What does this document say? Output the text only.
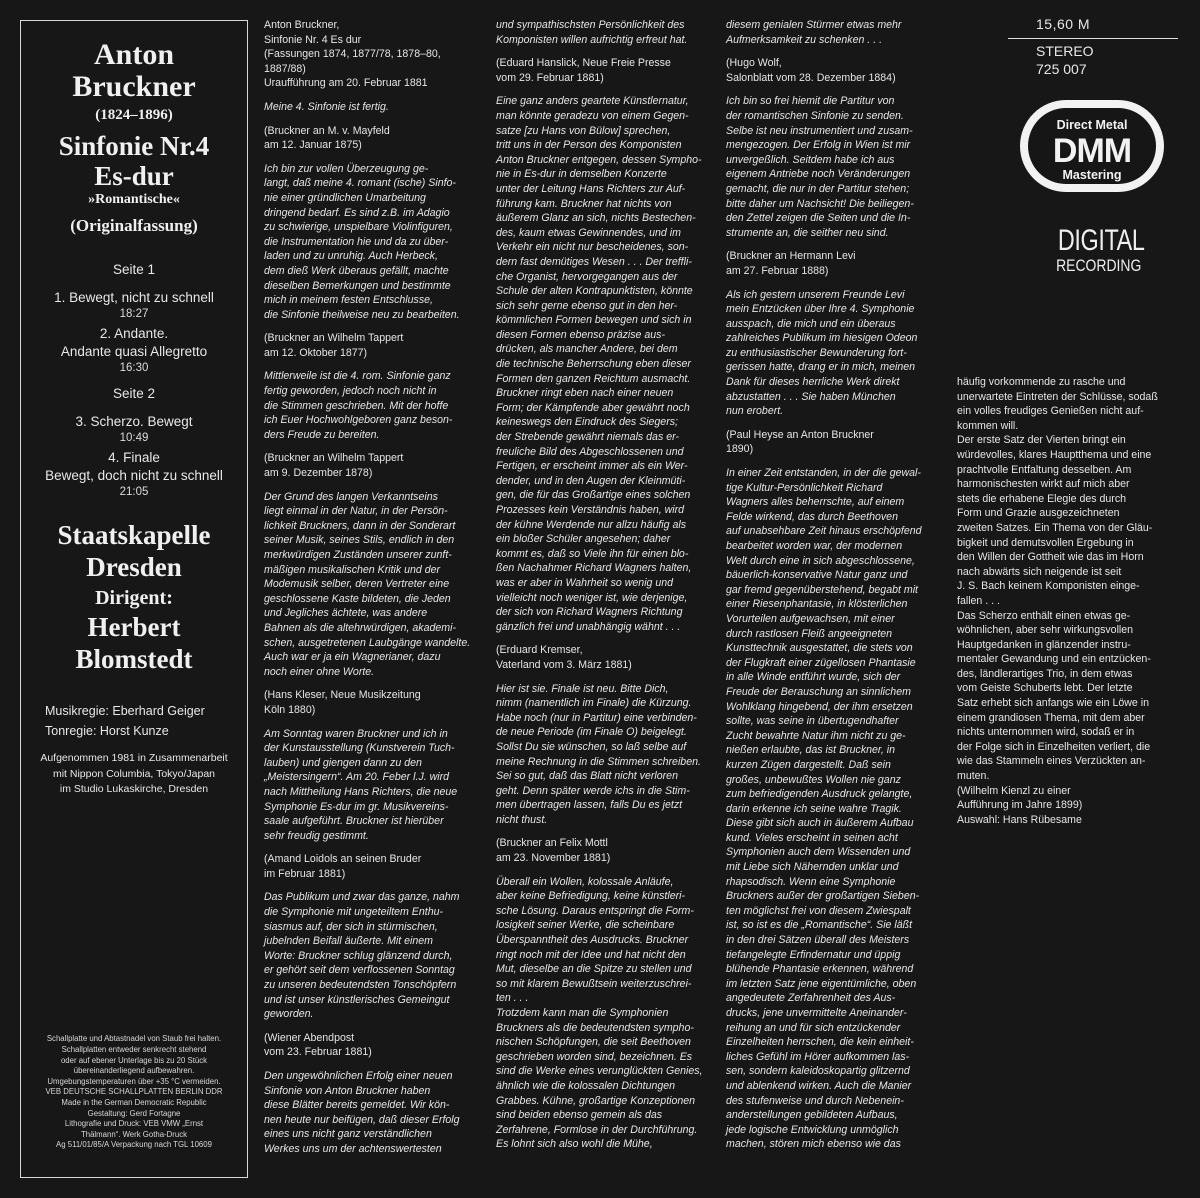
Anton
Bruckner
(1824–1896)
Sinfonie Nr.4
Es-dur
»Romantische«
(Originalfassung)
Seite 1
1. Bewegt, nicht zu schnell
18:27
2. Andante.
Andante quasi Allegretto
16:30
Seite 2
3. Scherzo. Bewegt
10:49
4. Finale
Bewegt, doch nicht zu schnell
21:05
Staatskapelle
Dresden
Dirigent:
Herbert
Blomstedt
Musikregie: Eberhard Geiger
Tonregie: Horst Kunze
Aufgenommen 1981 in Zusammenarbeit
mit Nippon Columbia, Tokyo/Japan
im Studio Lukaskirche, Dresden
Schallplatte und Abtastnadel von Staub frei halten.
Schallplatten entweder senkrecht stehend
oder auf ebener Unterlage bis zu 20 Stück
übereinanderliegend aufbewahren.
Umgebungstemperaturen über +35 °C vermeiden.
VEB DEUTSCHE SCHALLPLATTEN BERLIN DDR
Made in the German Democratic Republic
Gestaltung: Gerd Fortagne
Lithografie und Druck: VEB VMW „Ernst
Thälmann“. Werk Gotha-Druck
Ag 511/01/85/A Verpackung nach TGL 10609

Anton Bruckner,
Sinfonie Nr. 4 Es dur
(Fassungen 1874, 1877/78, 1878–80,
1887/88)
Uraufführung am 20. Februar 1881

Meine 4. Sinfonie ist fertig.

(Bruckner an M. v. Mayfeld
am 12. Januar 1875)

Ich bin zur vollen Überzeugung ge-
langt, daß meine 4. romant (ische) Sinfo-
nie einer gründlichen Umarbeitung
dringend bedarf. Es sind z.B. im Adagio
zu schwierige, unspielbare Violinfiguren,
die Instrumentation hie und da zu über-
laden und zu unruhig. Auch Herbeck,
dem dieß Werk überaus gefällt, machte
dieselben Bemerkungen und bestimmte
mich in meinem festen Entschlusse,
die Sinfonie theilweise neu zu bearbeiten.

(Bruckner an Wilhelm Tappert
am 12. Oktober 1877)

Mittlerweile ist die 4. rom. Sinfonie ganz
fertig geworden, jedoch noch nicht in
die Stimmen geschrieben. Mit der hoffe
ich Euer Hochwohlgeboren ganz beson-
ders Freude zu bereiten.

(Bruckner an Wilhelm Tappert
am 9. Dezember 1878)

Der Grund des langen Verkanntseins
liegt einmal in der Natur, in der Persön-
lichkeit Bruckners, dann in der Sonderart
seiner Musik, seines Stils, endlich in den
merkwürdigen Zuständen unserer zunft-
mäßigen musikalischen Kritik und der
Modemusik selber, deren Vertreter eine
geschlossene Kaste bildeten, die Jeden
und Jegliches ächtete, was andere
Bahnen als die altehrwürdigen, akademi-
schen, ausgetretenen Laubgänge wandelte.
Auch war er ja ein Wagnerianer, dazu
noch einer ohne Worte.

(Hans Kleser, Neue Musikzeitung
Köln 1880)

Am Sonntag waren Bruckner und ich in
der Kunstausstellung (Kunstverein Tuch-
lauben) und giengen dann zu den
„Meistersingern“. Am 20. Feber l.J. wird
nach Mittheilung Hans Richters, die neue
Symphonie Es-dur im gr. Musikvereins-
saale aufgeführt. Bruckner ist hierüber
sehr freudig gestimmt.

(Amand Loidols an seinen Bruder
im Februar 1881)

Das Publikum und zwar das ganze, nahm
die Symphonie mit ungeteiltem Enthu-
siasmus auf, der sich in stürmischen,
jubelnden Beifall äußerte. Mit einem
Worte: Bruckner schlug glänzend durch,
er gehört seit dem verflossenen Sonntag
zu unseren bedeutendsten Tonschöpfern
und ist unser künstlerisches Gemeingut
geworden.

(Wiener Abendpost
vom 23. Februar 1881)

Den ungewöhnlichen Erfolg einer neuen
Sinfonie von Anton Bruckner haben
diese Blätter bereits gemeldet. Wir kön-
nen heute nur beifügen, daß dieser Erfolg
eines uns nicht ganz verständlichen
Werkes uns um der achtenswertesten

und sympathischsten Persönlichkeit des
Komponisten willen aufrichtig erfreut hat.

(Eduard Hanslick, Neue Freie Presse
vom 29. Februar 1881)

Eine ganz anders geartete Künstlernatur,
man könnte geradezu von einem Gegen-
satze [zu Hans von Bülow] sprechen,
tritt uns in der Person des Komponisten
Anton Bruckner entgegen, dessen Sympho-
nie in Es-dur in demselben Konzerte
unter der Leitung Hans Richters zur Auf-
führung kam. Bruckner hat nichts von
äußerem Glanz an sich, nichts Bestechen-
des, kaum etwas Gewinnendes, und im
Verkehr ein nicht nur bescheidenes, son-
dern fast demütiges Wesen . . . Der treffli-
che Organist, hervorgegangen aus der
Schule der alten Kontrapunktisten, könnte
sich sehr gerne ebenso gut in den her-
kömmlichen Formen bewegen und sich in
diesen Formen ebenso präzise aus-
drücken, als mancher Andere, bei dem
die technische Beherrschung eben dieser
Formen den ganzen Reichtum ausmacht.
Bruckner ringt eben nach einer neuen
Form; der Kämpfende aber gewährt noch
keineswegs den Eindruck des Siegers;
der Strebende gewährt niemals das er-
freuliche Bild des Abgeschlossenen und
Fertigen, er erscheint immer als ein Wer-
dender, und in den Augen der Kleinmüti-
gen, die für das Großartige eines solchen
Prozesses kein Verständnis haben, wird
der kühne Werdende nur allzu häufig als
ein bloßer Schüler angesehen; daher
kommt es, daß so Viele ihn für einen blo-
ßen Nachahmer Richard Wagners halten,
was er aber in Wahrheit so wenig und
vielleicht noch weniger ist, wie derjenige,
der sich von Richard Wagners Richtung
gänzlich frei und unabhängig wähnt . . .

(Erduard Kremser,
Vaterland vom 3. März 1881)

Hier ist sie. Finale ist neu. Bitte Dich,
nimm (namentlich im Finale) die Kürzung.
Habe noch (nur in Partitur) eine verbinden-
de neue Periode (im Finale O) beigelegt.
Sollst Du sie wünschen, so laß selbe auf
meine Rechnung in die Stimmen schreiben.
Sei so gut, daß das Blatt nicht verloren
geht. Denn später werde ichs in die Stim-
men übertragen lassen, falls Du es jetzt
nicht thust.

(Bruckner an Felix Mottl
am 23. November 1881)

Überall ein Wollen, kolossale Anläufe,
aber keine Befriedigung, keine künstleri-
sche Lösung. Daraus entspringt die Form-
losigkeit seiner Werke, die scheinbare
Überspanntheit des Ausdrucks. Bruckner
ringt noch mit der Idee und hat nicht den
Mut, dieselbe an die Spitze zu stellen und
so mit klarem Bewußtsein weiterzuschrei-
ten . . .
Trotzdem kann man die Symphonien
Bruckners als die bedeutendsten sympho-
nischen Schöpfungen, die seit Beethoven
geschrieben worden sind, bezeichnen. Es
sind die Werke eines verunglückten Genies,
ähnlich wie die kolossalen Dichtungen
Grabbes. Kühne, großartige Konzeptionen
sind beiden ebenso gemein als das
Zerfahrene, Formlose in der Durchführung.
Es lohnt sich also wohl die Mühe,

diesem genialen Stürmer etwas mehr
Aufmerksamkeit zu schenken . . .

(Hugo Wolf,
Salonblatt vom 28. Dezember 1884)

Ich bin so frei hiemit die Partitur von
der romantischen Sinfonie zu senden.
Selbe ist neu instrumentiert und zusam-
mengezogen. Der Erfolg in Wien ist mir
unvergeßlich. Seitdem habe ich aus
eigenem Antriebe noch Veränderungen
gemacht, die nur in der Partitur stehen;
bitte daher um Nachsicht! Die beiliegen-
den Zettel zeigen die Seiten und die In-
strumente an, die seither neu sind.

(Bruckner an Hermann Levi
am 27. Februar 1888)

Als ich gestern unserem Freunde Levi
mein Entzücken über Ihre 4. Symphonie
ausspach, die mich und ein überaus
zahlreiches Publikum im hiesigen Odeon
zu enthusiastischer Bewunderung fort-
gerissen hatte, drang er in mich, meinen
Dank für dieses herrliche Werk direkt
abzustatten . . . Sie haben München
nun erobert.

(Paul Heyse an Anton Bruckner
1890)

In einer Zeit entstanden, in der die gewal-
tige Kultur-Persönlichkeit Richard
Wagners alles beherrschte, auf einem
Felde wirkend, das durch Beethoven
auf unabsehbare Zeit hinaus erschöpfend
bearbeitet worden war, der modernen
Welt durch eine in sich abgeschlossene,
bäuerlich-konservative Natur ganz und
gar fremd gegenüberstehend, begabt mit
einer Riesenphantasie, in klösterlichen
Vorurteilen aufgewachsen, mit einer
durch rastlosen Fleiß angeeigneten
Kunsttechnik ausgestattet, die stets von
der Flugkraft einer zügellosen Phantasie
in alle Winde entführt wurde, sich der
Freude der Berauschung an sinnlichem
Wohlklang hingebend, der ihm ersetzen
sollte, was seine in übertugendhafter
Zucht bewahrte Natur ihm nicht zu ge-
nießen erlaubte, das ist Bruckner, in
kurzen Zügen dargestellt. Daß sein
großes, unbewußtes Wollen nie ganz
zum befriedigenden Ausdruck gelangte,
darin erkenne ich seine wahre Tragik.
Diese gibt sich auch in äußerem Aufbau
kund. Vieles erscheint in seinen acht
Symphonien auch dem Wissenden und
mit Liebe sich Nähernden unklar und
rhapsodisch. Wenn eine Symphonie
Bruckners außer der großartigen Sieben-
ten möglichst frei von diesem Zwiespalt
ist, so ist es die „Romantische“. Sie läßt
in den drei Sätzen überall des Meisters
tiefangelegte Erfindernatur und üppig
blühende Phantasie erkennen, während
im letzten Satz jene eigentümliche, oben
angedeutete Zerfahrenheit des Aus-
drucks, jene unvermittelte Aneinander-
reihung an und für sich entzückender
Einzelheiten herrschen, die kein einheit-
liches Gefühl im Hörer aufkommen las-
sen, sondern kaleidoskopartig glitzernd
und ablenkend wirken. Auch die Manier
des stufenweise und durch Nebenein-
anderstellungen gebildeten Aufbaus,
jede logische Entwicklung unmöglich
machen, stören mich ebenso wie das

häufig vorkommende zu rasche und
unerwartete Eintreten der Schlüsse, sodaß
ein volles freudiges Genießen nicht auf-
kommen will.
Der erste Satz der Vierten bringt ein
würdevolles, klares Hauptthema und eine
prachtvolle Entfaltung desselben. Am
harmonischesten wirkt auf mich aber
stets die erhabene Elegie des durch
Form und Grazie ausgezeichneten
zweiten Satzes. Ein Thema von der Gläu-
bigkeit und demutsvollen Ergebung in
den Willen der Gottheit wie das im Horn
nach abwärts sich neigende ist seit
J. S. Bach keinem Komponisten einge-
fallen . . .
Das Scherzo enthält einen etwas ge-
wöhnlichen, aber sehr wirkungsvollen
Hauptgedanken in glänzender instru-
mentaler Gewandung und ein entzücken-
des, ländlerartiges Trio, in dem etwas
vom Geiste Schuberts lebt. Der letzte
Satz erhebt sich anfangs wie ein Löwe in
einem grandiosen Thema, mit dem aber
nichts unternommen wird, sodaß er in
der Folge sich in Einzelheiten verliert, die
wie das Stammeln eines Verzückten an-
muten.
(Wilhelm Kienzl zu einer
Aufführung im Jahre 1899)
Auswahl: Hans Rübesame

15,60 M
STEREO
725 007
Direct Metal
DMM
Mastering
DIGITAL
RECORDING
